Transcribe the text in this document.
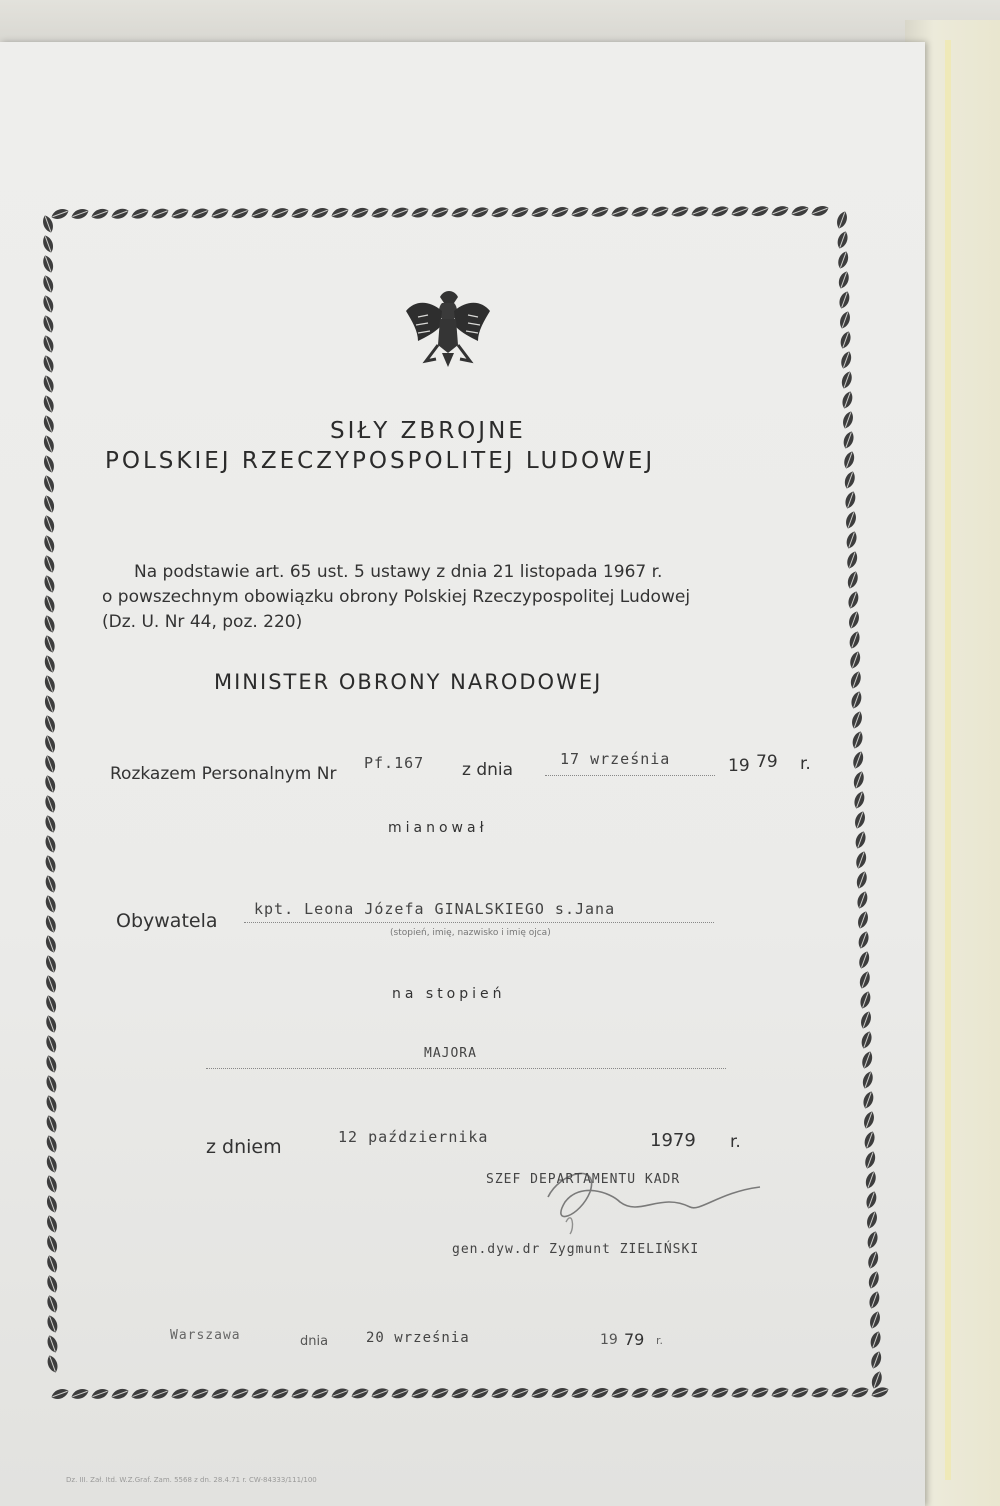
SIŁY ZBROJNE
POLSKIEJ RZECZYPOSPOLITEJ LUDOWEJ
Na podstawie art. 65 ust. 5 ustawy z dnia 21 listopada 1967 r.
o powszechnym obowiązku obrony Polskiej Rzeczypospolitej Ludowej
(Dz. U. Nr 44, poz. 220)
MINISTER OBRONY NARODOWEJ
Rozkazem Personalnym Nr
Pf.167 z dnia
17 września	19 79 r.
mianował
Obywatela
kpt. Leona Józefa GINALSKIEGO s.Jana
(stopień, imię, nazwisko i imię ojca)
na stopień
MAJORA
z dniem	12 października	1979 r.
SZEF DEPARTAMENTU KADR
gen.dyw.dr Zygmunt ZIELIŃSKI
Warszawa	dnia	20 września	19 79 r.
Dz. III. Zał. Itd. W.Z.Graf. Zam. 5568 z dn. 28.4.71 r. CW-84333/111/100
